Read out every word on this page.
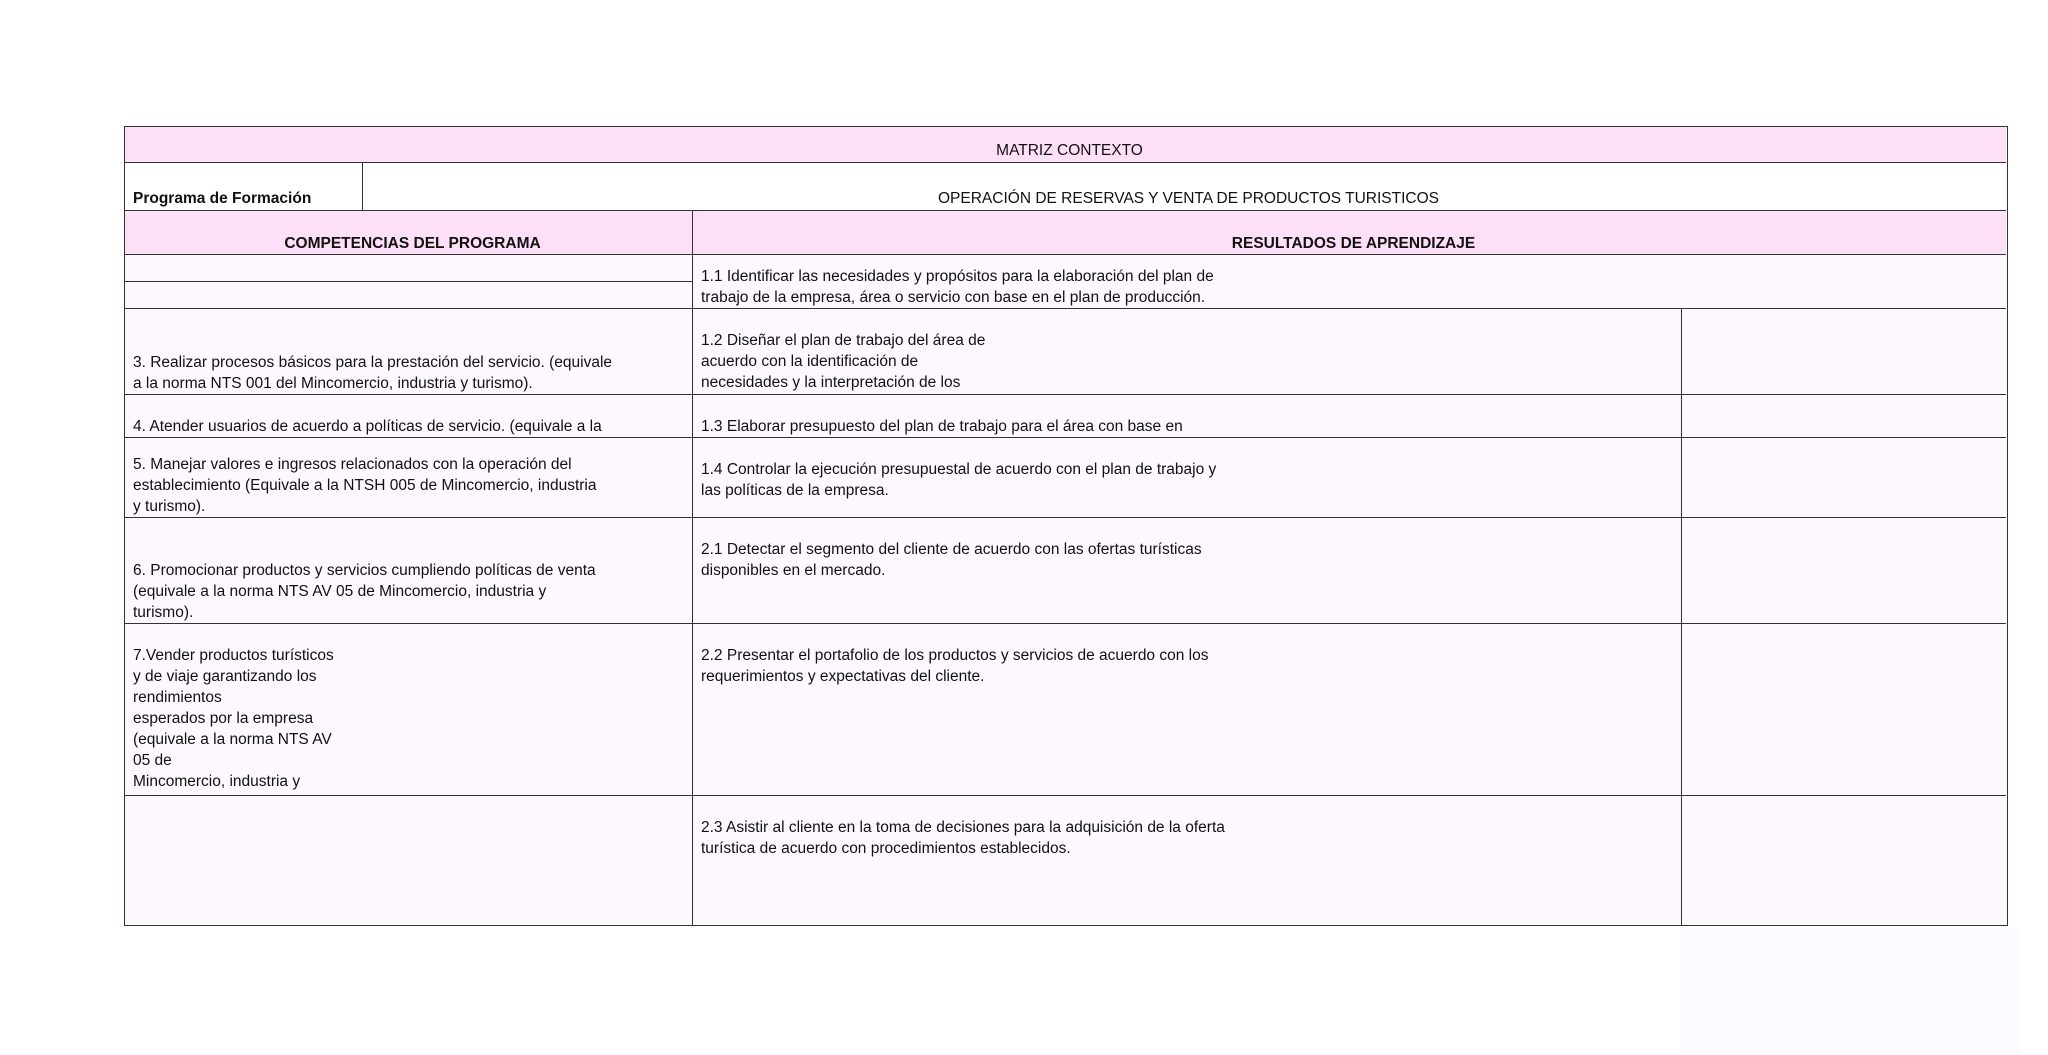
MATRIZ CONTEXTO
Programa de Formación	OPERACIÓN DE RESERVAS Y VENTA DE PRODUCTOS TURISTICOS
COMPETENCIAS DEL PROGRAMA	RESULTADOS DE APRENDIZAJE

3. Realizar procesos básicos para la prestación del servicio. (equivale
a la norma NTS 001 del Mincomercio, industria y turismo).

4. Atender usuarios de acuerdo a políticas de servicio. (equivale a la

5. Manejar valores e ingresos relacionados con la operación del
establecimiento (Equivale a la NTSH 005 de Mincomercio, industria
y turismo).
6. Promocionar productos y servicios cumpliendo políticas de venta
(equivale a la norma NTS AV 05 de Mincomercio, industria y
turismo).

7.Vender productos turísticos
y de viaje garantizando los
rendimientos
esperados por la empresa
(equivale a la norma NTS AV
05 de
Mincomercio, industria y

1.1 Identificar las necesidades y propósitos para la elaboración del plan de
trabajo de la empresa, área o servicio con base en el plan de producción.

1.2 Diseñar el plan de trabajo del área de
acuerdo con la identificación de
necesidades y la interpretación de los

1.3 Elaborar presupuesto del plan de trabajo para el área con base en

1.4 Controlar la ejecución presupuestal de acuerdo con el plan de trabajo y
las políticas de la empresa.

2.1 Detectar el segmento del cliente de acuerdo con las ofertas turísticas
disponibles en el mercado.

2.2 Presentar el portafolio de los productos y servicios de acuerdo con los
requerimientos y expectativas del cliente.

2.3 Asistir al cliente en la toma de decisiones para la adquisición de la oferta
turística de acuerdo con procedimientos establecidos.
